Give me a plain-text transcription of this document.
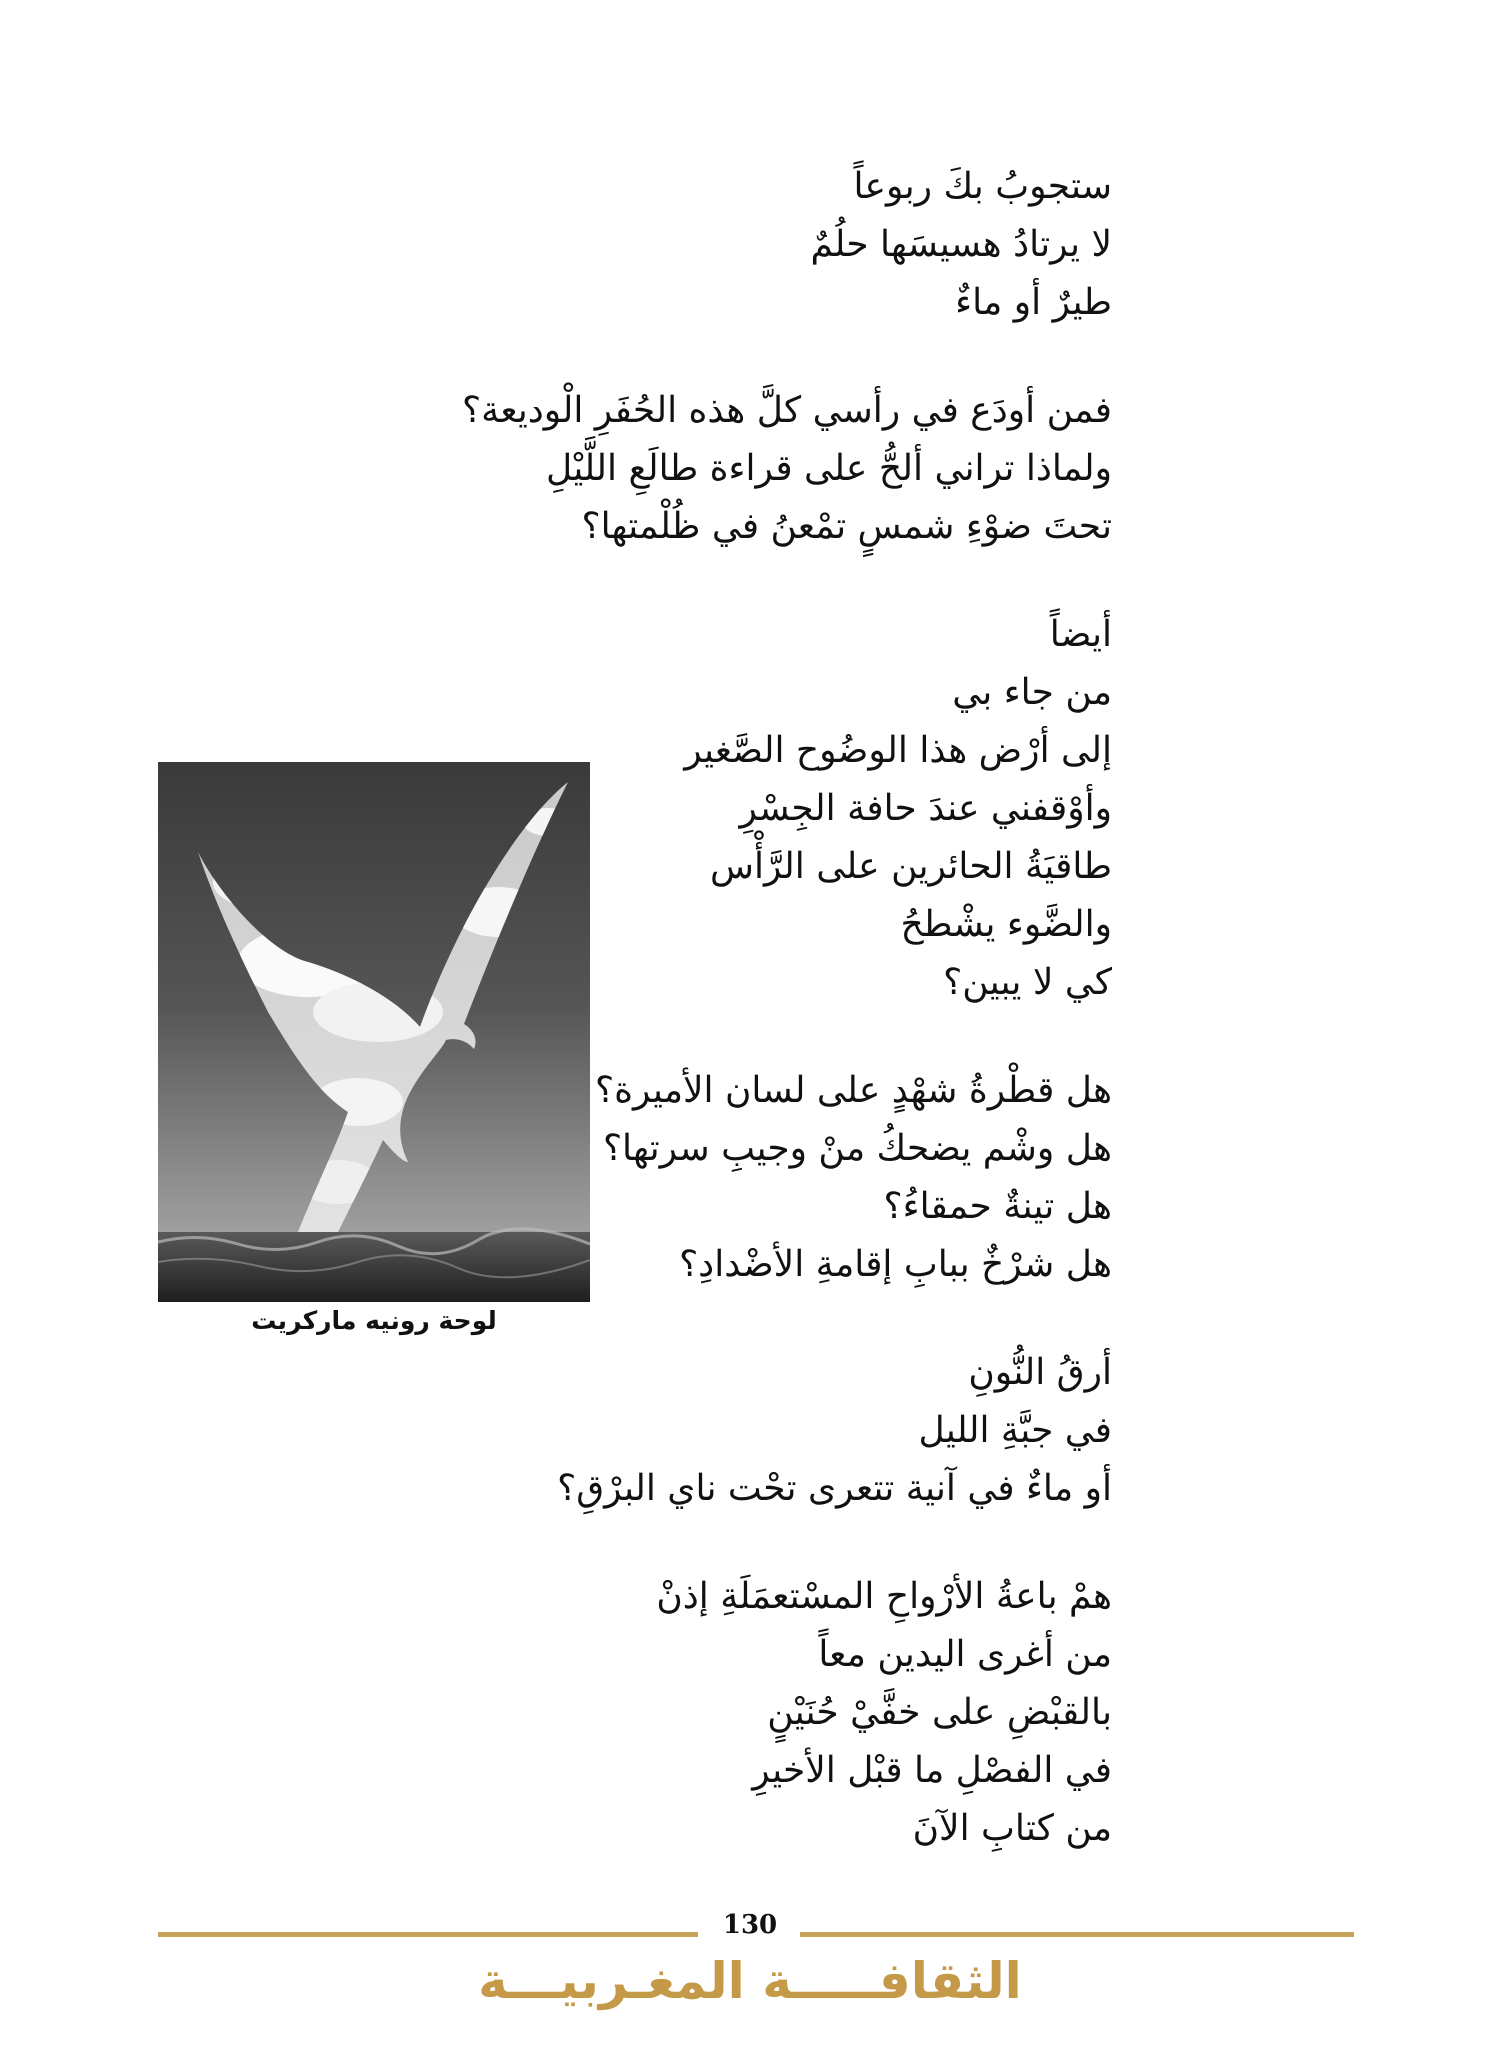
ستجوبُ بكَ ربوعاً
لا يرتادُ هسيسَها حلُمٌ
طيرٌ أو ماءٌ
فمن أودَع في رأسي كلَّ هذه الحُفَرِ الْوديعة؟
ولماذا تراني ألحُّ على قراءة طالَعِ اللَّيْلِ
تحتَ ضوْءِ شمسٍ تمْعنُ في ظُلْمتها؟
أيضاً
من جاء بي
إلى أرْض هذا الوضُوح الصَّغير
وأوْقفني عندَ حافة الجِسْرِ
طاقيَةُ الحائرين على الرَّأْس
والضَّوء يشْطحُ
كي لا يبين؟
هل قطْرةُ شهْدٍ على لسان الأميرة؟
هل وشْم يضحكُ منْ وجيبِ سرتها؟
هل تينةٌ حمقاءُ؟
هل شرْخٌ ببابِ إقامةِ الأضْدادِ؟
أرقُ النُّونِ
في جبَّةِ الليل
أو ماءٌ في آنية تتعرى تحْت ناي البرْقِ؟
همْ باعةُ الأرْواحِ المسْتعمَلَةِ إذنْ
من أغرى اليدين معاً
بالقبْضِ على خفَّيْ حُنَيْنٍ
في الفصْلِ ما قبْل الأخيرِ
من كتابِ الآنَ
لوحة رونيه ماركريت
130
الثقافـــــة المغـربيـــة
